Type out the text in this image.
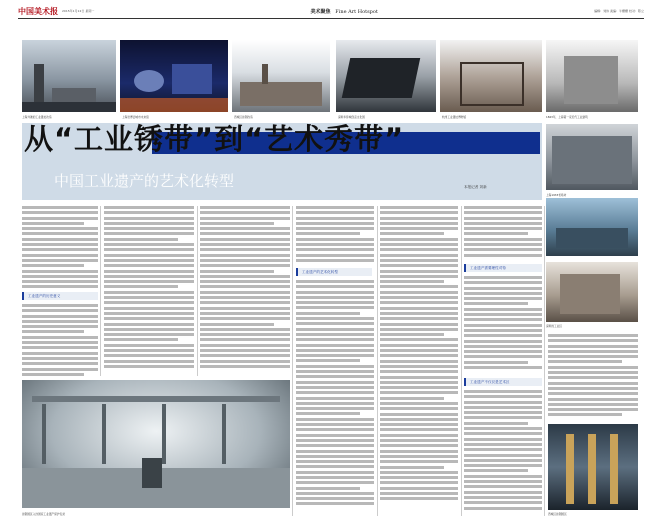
中国美术报 2015年1月12日 星期一	美术聚焦 Fine Art Hotspot	编辑：刘伟 美编：牛姗姗 校对：陈立
上海外滩的工业遗址改造	上海世博会城市未来馆	西城区首钢改造	深圳华侨城创意文化园	杭州工业遗址博物馆	1843年，上海第一家近代工业建筑
上海1933老场坊
深圳的工业区
从“工业锈带”到“艺术秀带”
中国工业遗产的艺术化转型	本报记者 刘新
工业遗产的历史意义
工业遗产的艺术化转型
工业遗产需要理性对待
工业遗产不仅仅是艺术区
首钢园区入选国家工业遗产保护名录	西城区首钢园区
